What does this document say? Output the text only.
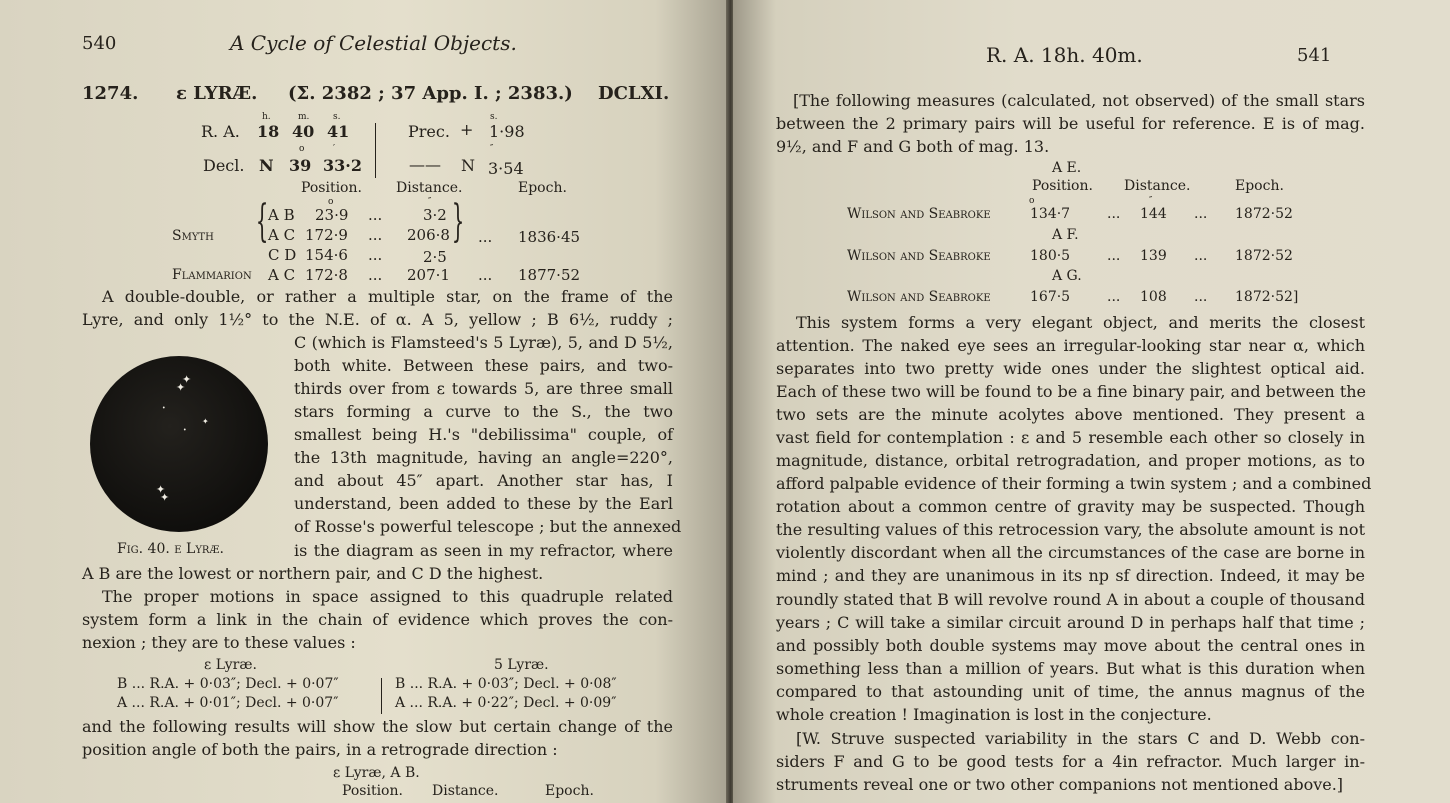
540	A Cycle of Celestial Objects.
1274. ε LYRÆ. (Σ. 2382 ; 37 App. I. ; 2383.) DCLXI.
h.	m.	s.	s.
R. A. 18 40 41	Prec. + 1·98
o	′	″
Decl. N 39 33·2	—— N 3·54
Position. Distance.	Epoch.
o	″
Smyth { A B 23·9 ...	3·2
A C 172·9 ... 206·8
C D 154·6 ...	2·5
} ... 1836·45
Flammarion A C 172·8 ... 207·1 ... 1877·52
A double-double, or rather a multiple star, on the frame of the
Lyre, and only 1½° to the N.E. of α. A 5, yellow ; B 6½, ruddy ;
C (which is Flamsteed's 5 Lyræ), 5, and D 5½,
both white. Between these pairs, and two-
thirds over from ε towards 5, are three small
stars forming a curve to the S., the two
smallest being H.'s "debilissima" couple, of
the 13th magnitude, having an angle=220°,
and about 45″ apart. Another star has, I
understand, been added to these by the Earl
of Rosse's powerful telescope ; but the annexed
is the diagram as seen in my refractor, where
A B are the lowest or northern pair, and C D the highest.
✦
✦
•
✦
•
✦
✦
Fig. 40. ε Lyræ.
The proper motions in space assigned to this quadruple related
system form a link in the chain of evidence which proves the con-
nexion ; they are to these values :
ε Lyræ.	5 Lyræ.
B ... R.A. + 0·03″; Decl. + 0·07″	B ... R.A. + 0·03″; Decl. + 0·08″
A ... R.A. + 0·01″; Decl. + 0·07″	A ... R.A. + 0·22″; Decl. + 0·09″
and the following results will show the slow but certain change of the
position angle of both the pairs, in a retrograde direction :
ε Lyræ, A B.
Position. Distance.	Epoch.
R. A. 18h. 40m.	541
[The following measures (calculated, not observed) of the small stars
between the 2 primary pairs will be useful for reference. E is of mag.
9½, and F and G both of mag. 13.
A E.
Position. Distance.	Epoch.
o	″
Wilson and Seabroke	134·7	... 144 ... 1872·52
A F.
Wilson and Seabroke	180·5	... 139 ... 1872·52
A G.
Wilson and Seabroke	167·5	... 108 ... 1872·52]
This system forms a very elegant object, and merits the closest
attention. The naked eye sees an irregular-looking star near α, which
separates into two pretty wide ones under the slightest optical aid.
Each of these two will be found to be a fine binary pair, and between the
two sets are the minute acolytes above mentioned. They present a
vast field for contemplation : ε and 5 resemble each other so closely in
magnitude, distance, orbital retrogradation, and proper motions, as to
afford palpable evidence of their forming a twin system ; and a combined
rotation about a common centre of gravity may be suspected. Though
the resulting values of this retrocession vary, the absolute amount is not
violently discordant when all the circumstances of the case are borne in
mind ; and they are unanimous in its np sf direction. Indeed, it may be
roundly stated that B will revolve round A in about a couple of thousand
years ; C will take a similar circuit around D in perhaps half that time ;
and possibly both double systems may move about the central ones in
something less than a million of years. But what is this duration when
compared to that astounding unit of time, the annus magnus of the
whole creation ! Imagination is lost in the conjecture.
[W. Struve suspected variability in the stars C and D. Webb con-
siders F and G to be good tests for a 4in refractor. Much larger in-
struments reveal one or two other companions not mentioned above.]
